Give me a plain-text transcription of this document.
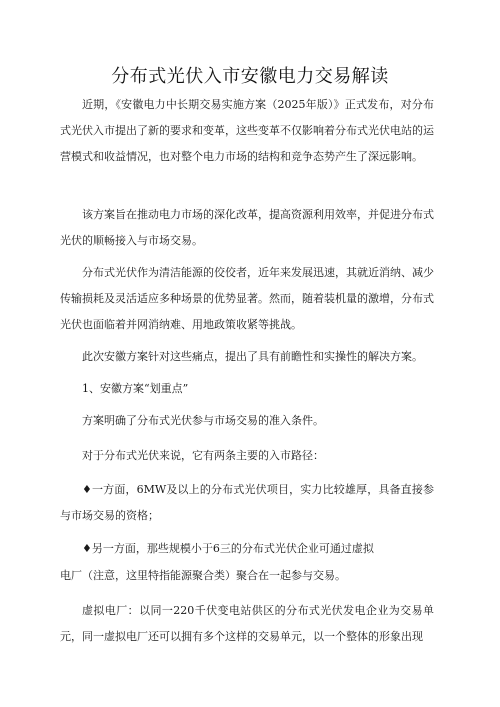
分布式光伏入市安徽电力交易解读

近期，《安徽电力中长期交易实施方案（2025年版）》正式发布，对分布式光伏入市提出了新的要求和变革，这些变革不仅影响着分布式光伏电站的运营模式和收益情况，也对整个电力市场的结构和竞争态势产生了深远影响。

该方案旨在推动电力市场的深化改革，提高资源利用效率，并促进分布式光伏的顺畅接入与市场交易。

分布式光伏作为清洁能源的佼佼者，近年来发展迅速，其就近消纳、减少传输损耗及灵活适应多种场景的优势显著。然而，随着装机量的激增，分布式光伏也面临着并网消纳难、用地政策收紧等挑战。

此次安徽方案针对这些痛点，提出了具有前瞻性和实操性的解决方案。

1、安徽方案“划重点”

方案明确了分布式光伏参与市场交易的准入条件。

对于分布式光伏来说，它有两条主要的入市路径：

♦一方面，6MW及以上的分布式光伏项目，实力比较雄厚，具备直接参与市场交易的资格；

♦另一方面，那些规模小于6三的分布式光伏企业可通过虚拟

电厂（注意，这里特指能源聚合类）聚合在一起参与交易。

虚拟电厂：以同一220千伏变电站供区的分布式光伏发电企业为交易单元，同一虚拟电厂还可以拥有多个这样的交易单元，以一个整体的形象出现
